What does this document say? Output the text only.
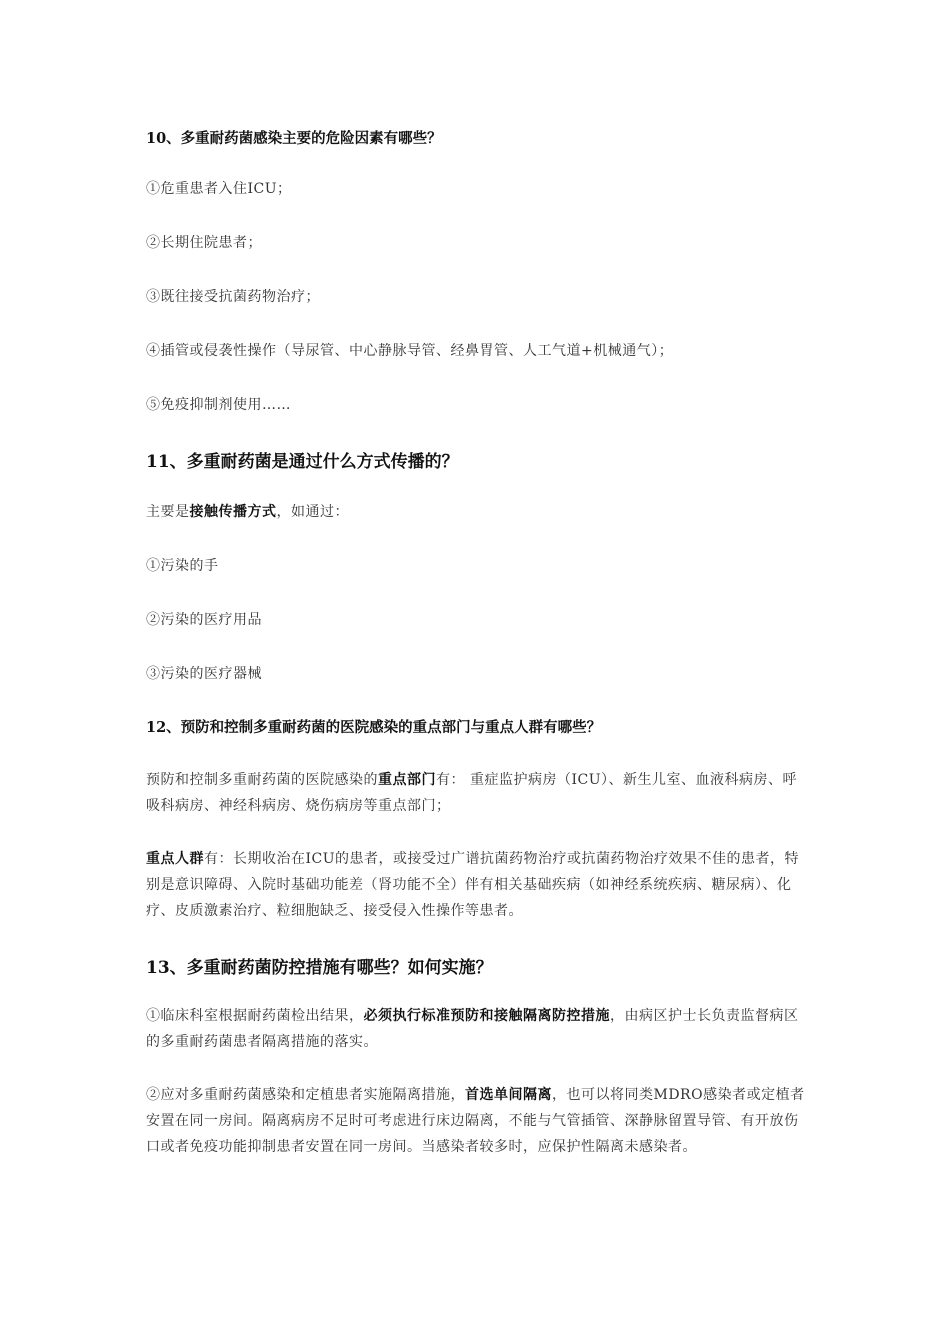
10、多重耐药菌感染主要的危险因素有哪些？

①危重患者入住ICU；

②长期住院患者；

③既往接受抗菌药物治疗；

④插管或侵袭性操作（导尿管、中心静脉导管、经鼻胃管、人工气道+机械通气）；

⑤免疫抑制剂使用……

11、多重耐药菌是通过什么方式传播的？

主要是接触传播方式，如通过：

①污染的手

②污染的医疗用品

③污染的医疗器械

12、预防和控制多重耐药菌的医院感染的重点部门与重点人群有哪些？

预防和控制多重耐药菌的医院感染的重点部门有： 重症监护病房（ICU）、新生儿室、血液科病房、呼吸科病房、神经科病房、烧伤病房等重点部门；

重点人群有：长期收治在ICU的患者，或接受过广谱抗菌药物治疗或抗菌药物治疗效果不佳的患者，特别是意识障碍、入院时基础功能差（肾功能不全）伴有相关基础疾病（如神经系统疾病、糖尿病）、化疗、皮质激素治疗、粒细胞缺乏、接受侵入性操作等患者。

13、多重耐药菌防控措施有哪些？如何实施？

①临床科室根据耐药菌检出结果，必须执行标准预防和接触隔离防控措施，由病区护士长负责监督病区的多重耐药菌患者隔离措施的落实。

②应对多重耐药菌感染和定植患者实施隔离措施，首选单间隔离，也可以将同类MDRO感染者或定植者安置在同一房间。隔离病房不足时可考虑进行床边隔离，不能与气管插管、深静脉留置导管、有开放伤口或者免疫功能抑制患者安置在同一房间。当感染者较多时，应保护性隔离未感染者。
